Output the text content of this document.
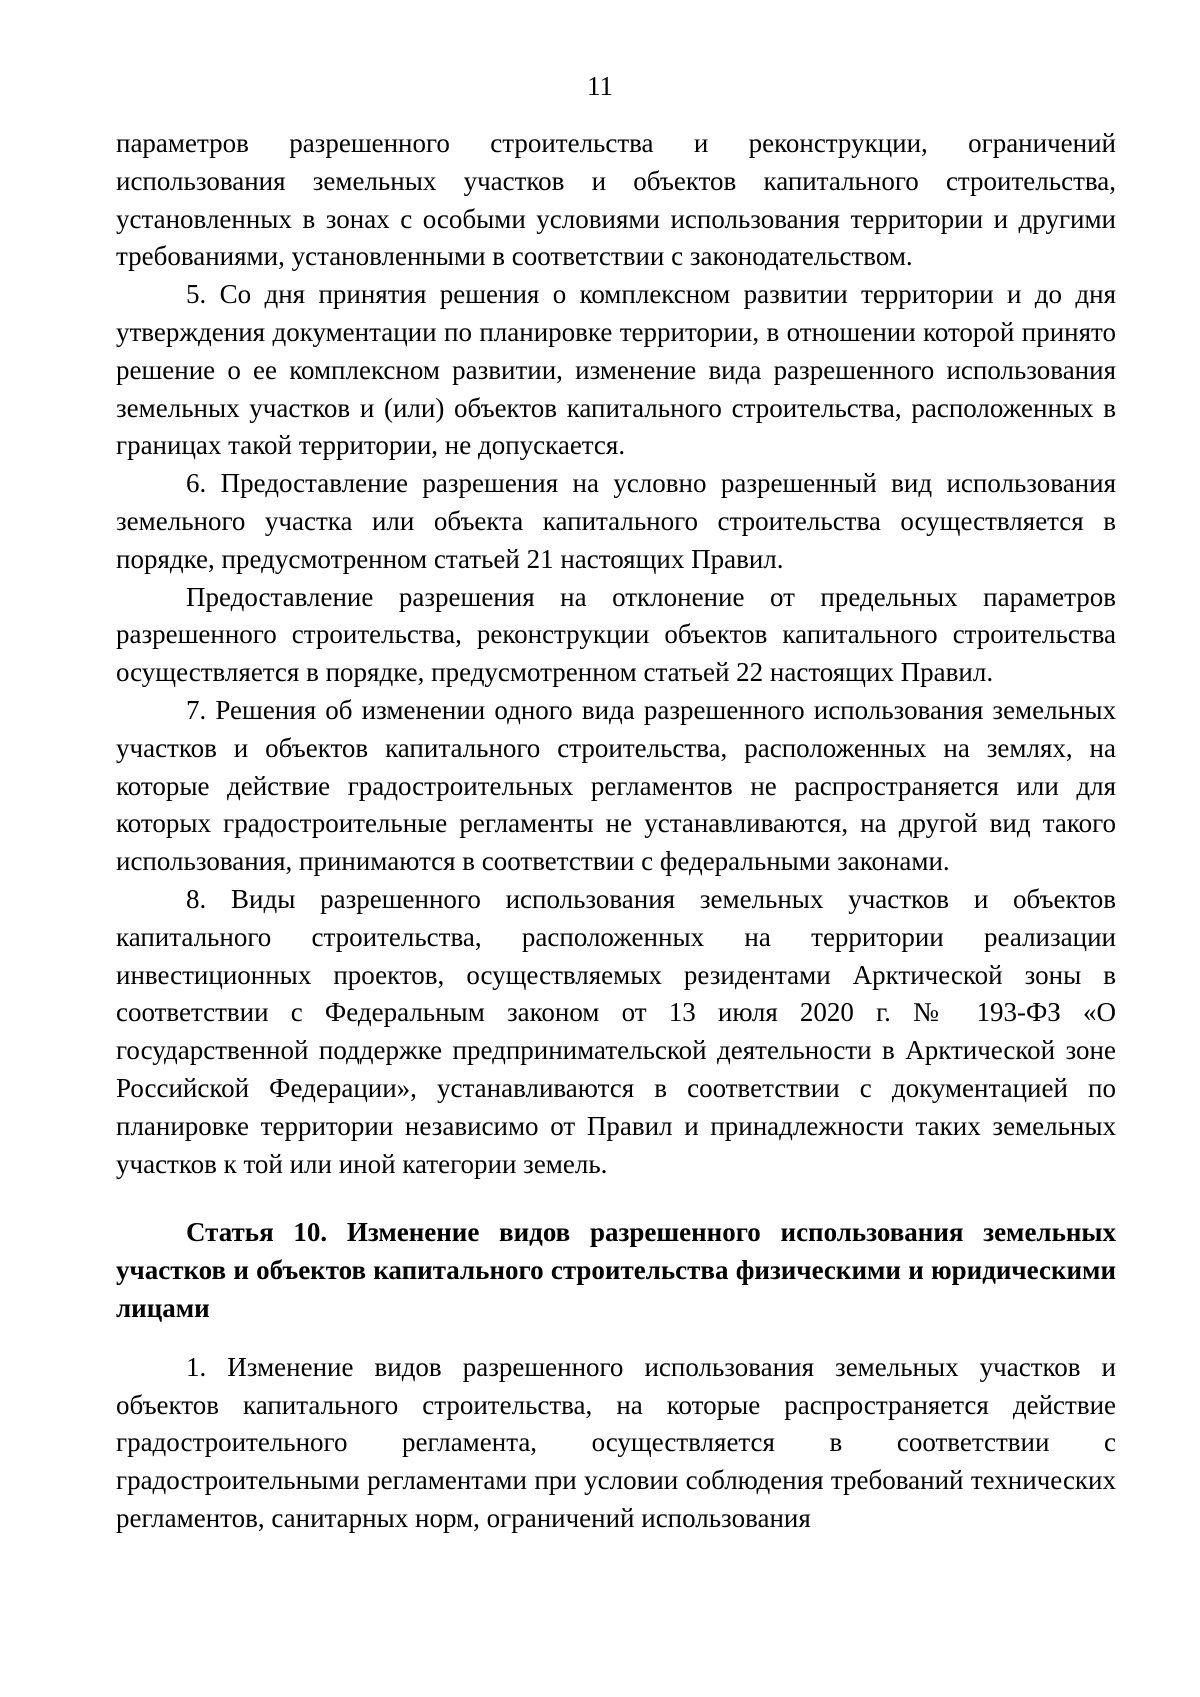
11

параметров разрешенного строительства и реконструкции, ограничений использования земельных участков и объектов капитального строительства, установленных в зонах с особыми условиями использования территории и другими требованиями, установленными в соответствии с законодательством.

5. Со дня принятия решения о комплексном развитии территории и до дня утверждения документации по планировке территории, в отношении которой принято решение о ее комплексном развитии, изменение вида разрешенного использования земельных участков и (или) объектов капитального строительства, расположенных в границах такой территории, не допускается.

6. Предоставление разрешения на условно разрешенный вид использования земельного участка или объекта капитального строительства осуществляется в порядке, предусмотренном статьей 21 настоящих Правил.

Предоставление разрешения на отклонение от предельных параметров разрешенного строительства, реконструкции объектов капитального строительства осуществляется в порядке, предусмотренном статьей 22 настоящих Правил.

7. Решения об изменении одного вида разрешенного использования земельных участков и объектов капитального строительства, расположенных на землях, на которые действие градостроительных регламентов не распространяется или для которых градостроительные регламенты не устанавливаются, на другой вид такого использования, принимаются в соответствии с федеральными законами.

8. Виды разрешенного использования земельных участков и объектов капитального строительства, расположенных на территории реализации инвестиционных проектов, осуществляемых резидентами Арктической зоны в соответствии с Федеральным законом от 13 июля 2020 г. № 193-ФЗ «О государственной поддержке предпринимательской деятельности в Арктической зоне Российской Федерации», устанавливаются в соответствии с документацией по планировке территории независимо от Правил и принадлежности таких земельных участков к той или иной категории земель.

Статья 10. Изменение видов разрешенного использования земельных участков и объектов капитального строительства физическими и юридическими лицами

1. Изменение видов разрешенного использования земельных участков и объектов капитального строительства, на которые распространяется действие градостроительного регламента, осуществляется в соответствии с градостроительными регламентами при условии соблюдения требований технических регламентов, санитарных норм, ограничений использования
